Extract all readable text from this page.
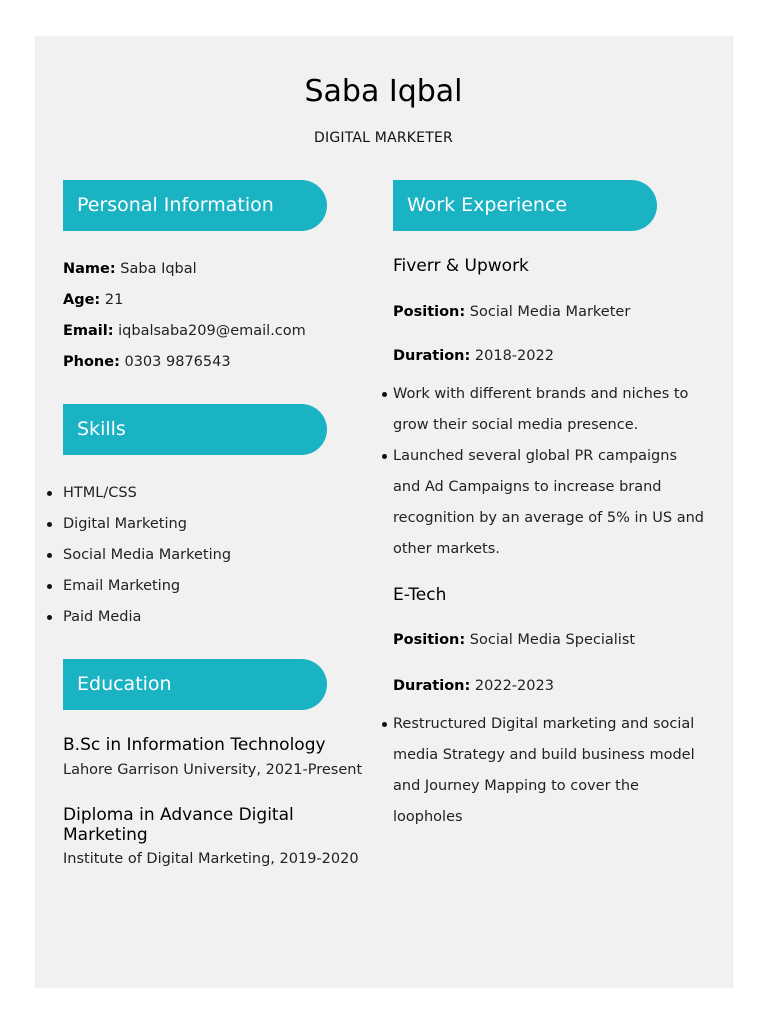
Saba Iqbal
DIGITAL MARKETER
Personal Information
Name: Saba Iqbal
Age: 21
Email: iqbalsaba209@email.com
Phone: 0303 9876543
Skills
HTML/CSS
Digital Marketing
Social Media Marketing
Email Marketing
Paid Media
Education
B.Sc in Information Technology
Lahore Garrison University, 2021-Present
Diploma in Advance Digital Marketing
Institute of Digital Marketing, 2019-2020
Work Experience
Fiverr & Upwork
Position: Social Media Marketer
Duration: 2018-2022
Work with different brands and niches to grow their social media presence.
Launched several global PR campaigns and Ad Campaigns to increase brand recognition by an average of 5% in US and other markets.
E-Tech
Position: Social Media Specialist
Duration: 2022-2023
Restructured Digital marketing and social media Strategy and build business model and Journey Mapping to cover the loopholes
